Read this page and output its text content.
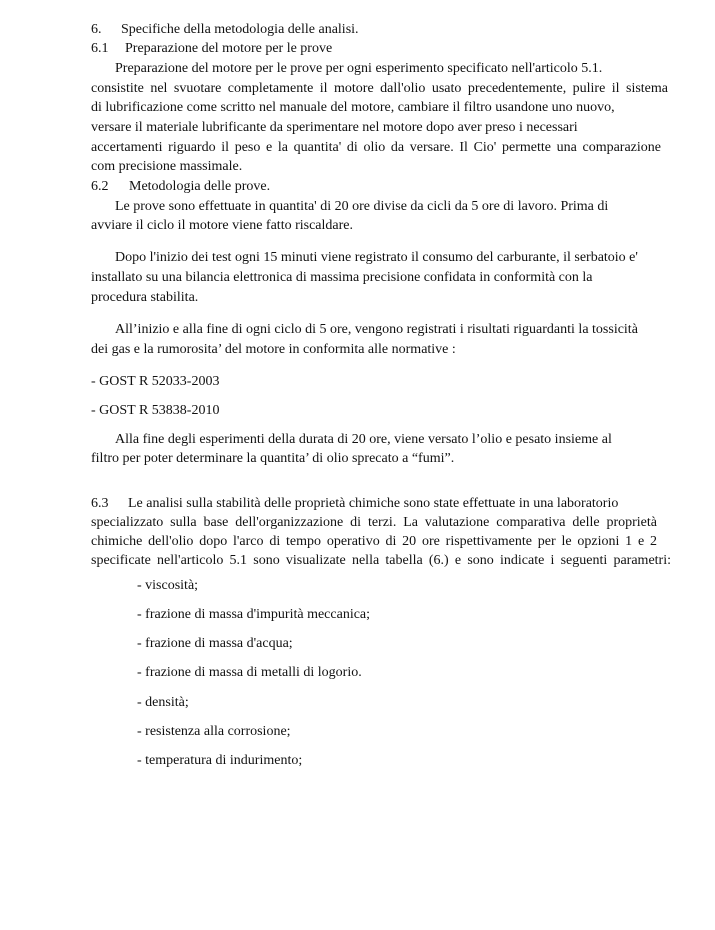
6. Specifiche della metodologia delle analisi.
6.1 Preparazione del motore per le prove
Preparazione del motore per le prove per ogni esperimento specificato nell'articolo 5.1.
consistite nel svuotare completamente il motore dall'olio usato precedentemente, pulire il sistema
di lubrificazione come scritto nel manuale del motore, cambiare il filtro usandone uno nuovo,
versare il materiale lubrificante da sperimentare nel motore dopo aver preso i necessari
accertamenti riguardo il peso e la quantita' di olio da versare. Il Cio' permette una comparazione
com precisione massimale.
6.2 Metodologia delle prove.
Le prove sono effettuate in quantita' di 20 ore divise da cicli da 5 ore di lavoro. Prima di
avviare il ciclo il motore viene fatto riscaldare.
Dopo l'inizio dei test ogni 15 minuti viene registrato il consumo del carburante, il serbatoio e'
installato su una bilancia elettronica di massima precisione confidata in conformità con la
procedura stabilita.
All’inizio e alla fine di ogni ciclo di 5 ore, vengono registrati i risultati riguardanti la tossicità
dei gas e la rumorosita’ del motore in conformita alle normative :
- GOST R 52033-2003
- GOST R 53838-2010
Alla fine degli esperimenti della durata di 20 ore, viene versato l’olio e pesato insieme al
filtro per poter determinare la quantita’ di olio sprecato a “fumi”.
6.3 Le analisi sulla stabilità delle proprietà chimiche sono state effettuate in una laboratorio
specializzato sulla base dell'organizzazione di terzi. La valutazione comparativa delle proprietà
chimiche dell'olio dopo l'arco di tempo operativo di 20 ore rispettivamente per le opzioni 1 e 2
specificate nell'articolo 5.1 sono visualizate nella tabella (6.) e sono indicate i seguenti parametri:
- viscosità;
- frazione di massa d'impurità meccanica;
- frazione di massa d'acqua;
- frazione di massa di metalli di logorio.
- densità;
- resistenza alla corrosione;
- temperatura di indurimento;
